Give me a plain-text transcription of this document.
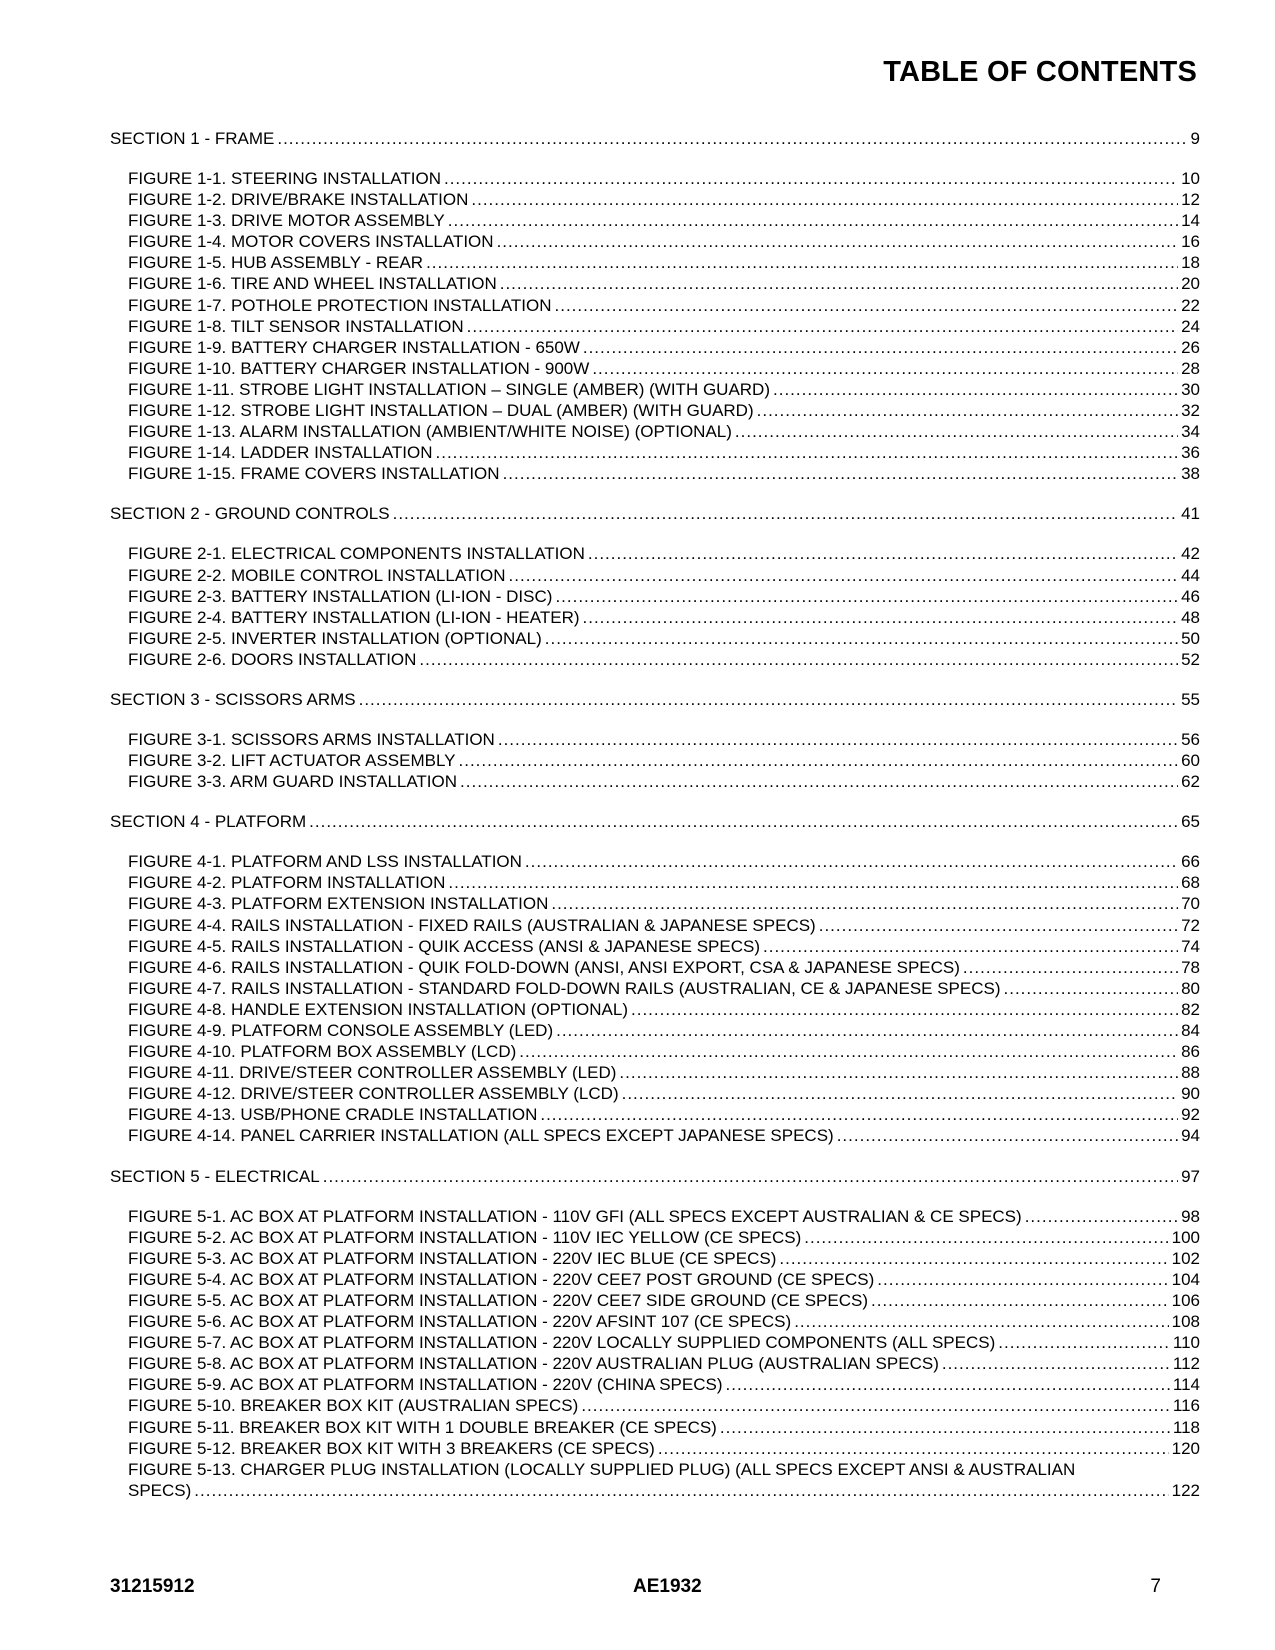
TABLE OF CONTENTS
SECTION 1 - FRAME .....	9
FIGURE 1-1. STEERING INSTALLATION .....	10
FIGURE 1-2. DRIVE/BRAKE INSTALLATION .....	12
FIGURE 1-3. DRIVE MOTOR ASSEMBLY .....	14
FIGURE 1-4. MOTOR COVERS INSTALLATION .....	16
FIGURE 1-5. HUB ASSEMBLY - REAR .....	18
FIGURE 1-6. TIRE AND WHEEL INSTALLATION .....	20
FIGURE 1-7. POTHOLE PROTECTION INSTALLATION .....	22
FIGURE 1-8. TILT SENSOR INSTALLATION .....	24
FIGURE 1-9. BATTERY CHARGER INSTALLATION - 650W .....	26
FIGURE 1-10. BATTERY CHARGER INSTALLATION - 900W .....	28
FIGURE 1-11. STROBE LIGHT INSTALLATION – SINGLE (AMBER) (WITH GUARD) .....	30
FIGURE 1-12. STROBE LIGHT INSTALLATION – DUAL (AMBER) (WITH GUARD) .....	32
FIGURE 1-13. ALARM INSTALLATION (AMBIENT/WHITE NOISE) (OPTIONAL) .....	34
FIGURE 1-14. LADDER INSTALLATION .....	36
FIGURE 1-15. FRAME COVERS INSTALLATION .....	38
SECTION 2 - GROUND CONTROLS .....	41
FIGURE 2-1. ELECTRICAL COMPONENTS INSTALLATION .....	42
FIGURE 2-2. MOBILE CONTROL INSTALLATION .....	44
FIGURE 2-3. BATTERY INSTALLATION (LI-ION - DISC) .....	46
FIGURE 2-4. BATTERY INSTALLATION (LI-ION - HEATER) .....	48
FIGURE 2-5. INVERTER INSTALLATION (OPTIONAL) .....	50
FIGURE 2-6. DOORS INSTALLATION .....	52
SECTION 3 - SCISSORS ARMS .....	55
FIGURE 3-1. SCISSORS ARMS INSTALLATION .....	56
FIGURE 3-2. LIFT ACTUATOR ASSEMBLY .....	60
FIGURE 3-3. ARM GUARD INSTALLATION .....	62
SECTION 4 - PLATFORM .....	65
FIGURE 4-1. PLATFORM AND LSS INSTALLATION .....	66
FIGURE 4-2. PLATFORM INSTALLATION .....	68
FIGURE 4-3. PLATFORM EXTENSION INSTALLATION .....	70
FIGURE 4-4. RAILS INSTALLATION - FIXED RAILS (AUSTRALIAN & JAPANESE SPECS) .....	72
FIGURE 4-5. RAILS INSTALLATION - QUIK ACCESS (ANSI & JAPANESE SPECS) .....	74
FIGURE 4-6. RAILS INSTALLATION - QUIK FOLD-DOWN (ANSI, ANSI EXPORT, CSA & JAPANESE SPECS) .....	78
FIGURE 4-7. RAILS INSTALLATION - STANDARD FOLD-DOWN RAILS (AUSTRALIAN, CE & JAPANESE SPECS) .....	80
FIGURE 4-8. HANDLE EXTENSION INSTALLATION (OPTIONAL) .....	82
FIGURE 4-9. PLATFORM CONSOLE ASSEMBLY (LED) .....	84
FIGURE 4-10. PLATFORM BOX ASSEMBLY (LCD) .....	86
FIGURE 4-11. DRIVE/STEER CONTROLLER ASSEMBLY (LED) .....	88
FIGURE 4-12. DRIVE/STEER CONTROLLER ASSEMBLY (LCD) .....	90
FIGURE 4-13. USB/PHONE CRADLE INSTALLATION .....	92
FIGURE 4-14. PANEL CARRIER INSTALLATION (ALL SPECS EXCEPT JAPANESE SPECS) .....	94
SECTION 5 - ELECTRICAL .....	97
FIGURE 5-1. AC BOX AT PLATFORM INSTALLATION - 110V GFI (ALL SPECS EXCEPT AUSTRALIAN & CE SPECS) .....	98
FIGURE 5-2. AC BOX AT PLATFORM INSTALLATION - 110V IEC YELLOW (CE SPECS) .....	100
FIGURE 5-3. AC BOX AT PLATFORM INSTALLATION - 220V IEC BLUE (CE SPECS) .....	102
FIGURE 5-4. AC BOX AT PLATFORM INSTALLATION - 220V CEE7 POST GROUND (CE SPECS) .....	104
FIGURE 5-5. AC BOX AT PLATFORM INSTALLATION - 220V CEE7 SIDE GROUND (CE SPECS) .....	106
FIGURE 5-6. AC BOX AT PLATFORM INSTALLATION - 220V AFSINT 107 (CE SPECS) .....	108
FIGURE 5-7. AC BOX AT PLATFORM INSTALLATION - 220V LOCALLY SUPPLIED COMPONENTS (ALL SPECS) .....	110
FIGURE 5-8. AC BOX AT PLATFORM INSTALLATION - 220V AUSTRALIAN PLUG (AUSTRALIAN SPECS) .....	112
FIGURE 5-9. AC BOX AT PLATFORM INSTALLATION - 220V (CHINA SPECS) .....	114
FIGURE 5-10. BREAKER BOX KIT (AUSTRALIAN SPECS) .....	116
FIGURE 5-11. BREAKER BOX KIT WITH 1 DOUBLE BREAKER (CE SPECS) .....	118
FIGURE 5-12. BREAKER BOX KIT WITH 3 BREAKERS (CE SPECS) .....	120
FIGURE 5-13. CHARGER PLUG INSTALLATION (LOCALLY SUPPLIED PLUG) (ALL SPECS EXCEPT ANSI & AUSTRALIAN
SPECS) .....	122
31215912	AE1932	7
